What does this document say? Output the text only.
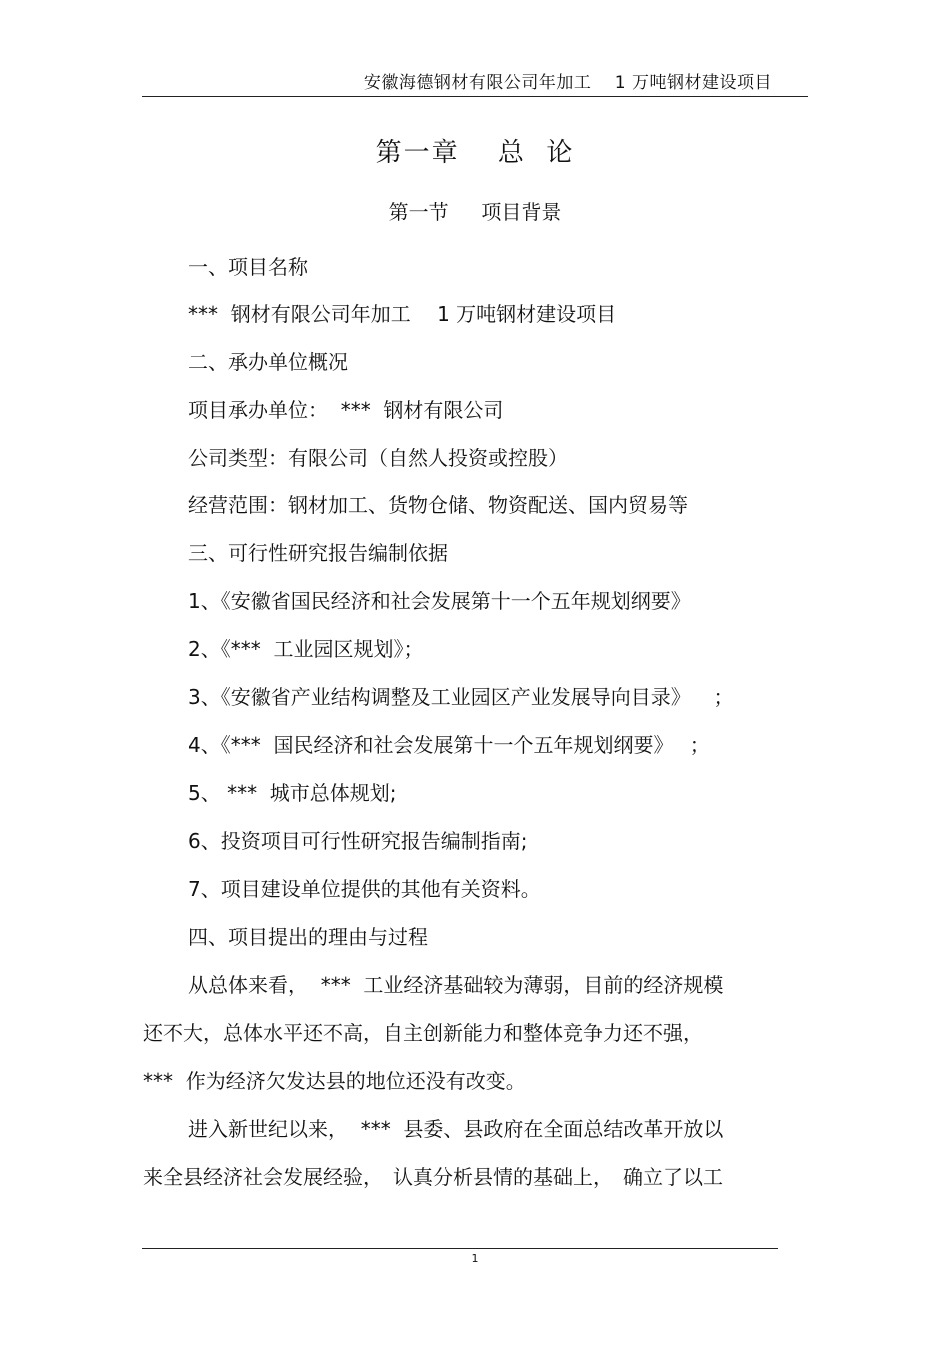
安徽海德钢材有限公司年加工　 1 万吨钢材建设项目
第一章　 总  论
第一节　  项目背景
一、项目名称
***  钢材有限公司年加工　 1 万吨钢材建设项目
二、承办单位概况
项目承办单位：  ***  钢材有限公司
公司类型：有限公司（自然人投资或控股）
经营范围：钢材加工、货物仓储、物资配送、国内贸易等
三、可行性研究报告编制依据
1、《安徽省国民经济和社会发展第十一个五年规划纲要》
2、《***  工业园区规划》；
3、《安徽省产业结构调整及工业园区产业发展导向目录》　  ；
4、《***  国民经济和社会发展第十一个五年规划纲要》　 ；
5、 ***  城市总体规划;
6、投资项目可行性研究报告编制指南;
7、项目建设单位提供的其他有关资料。
四、项目提出的理由与过程
从总体来看，  ***  工业经济基础较为薄弱，目前的经济规模
还不大，总体水平还不高，自主创新能力和整体竞争力还不强，
***  作为经济欠发达县的地位还没有改变。
进入新世纪以来，  ***  县委、县政府在全面总结改革开放以
来全县经济社会发展经验，　认真分析县情的基础上，　确立了以工
1
